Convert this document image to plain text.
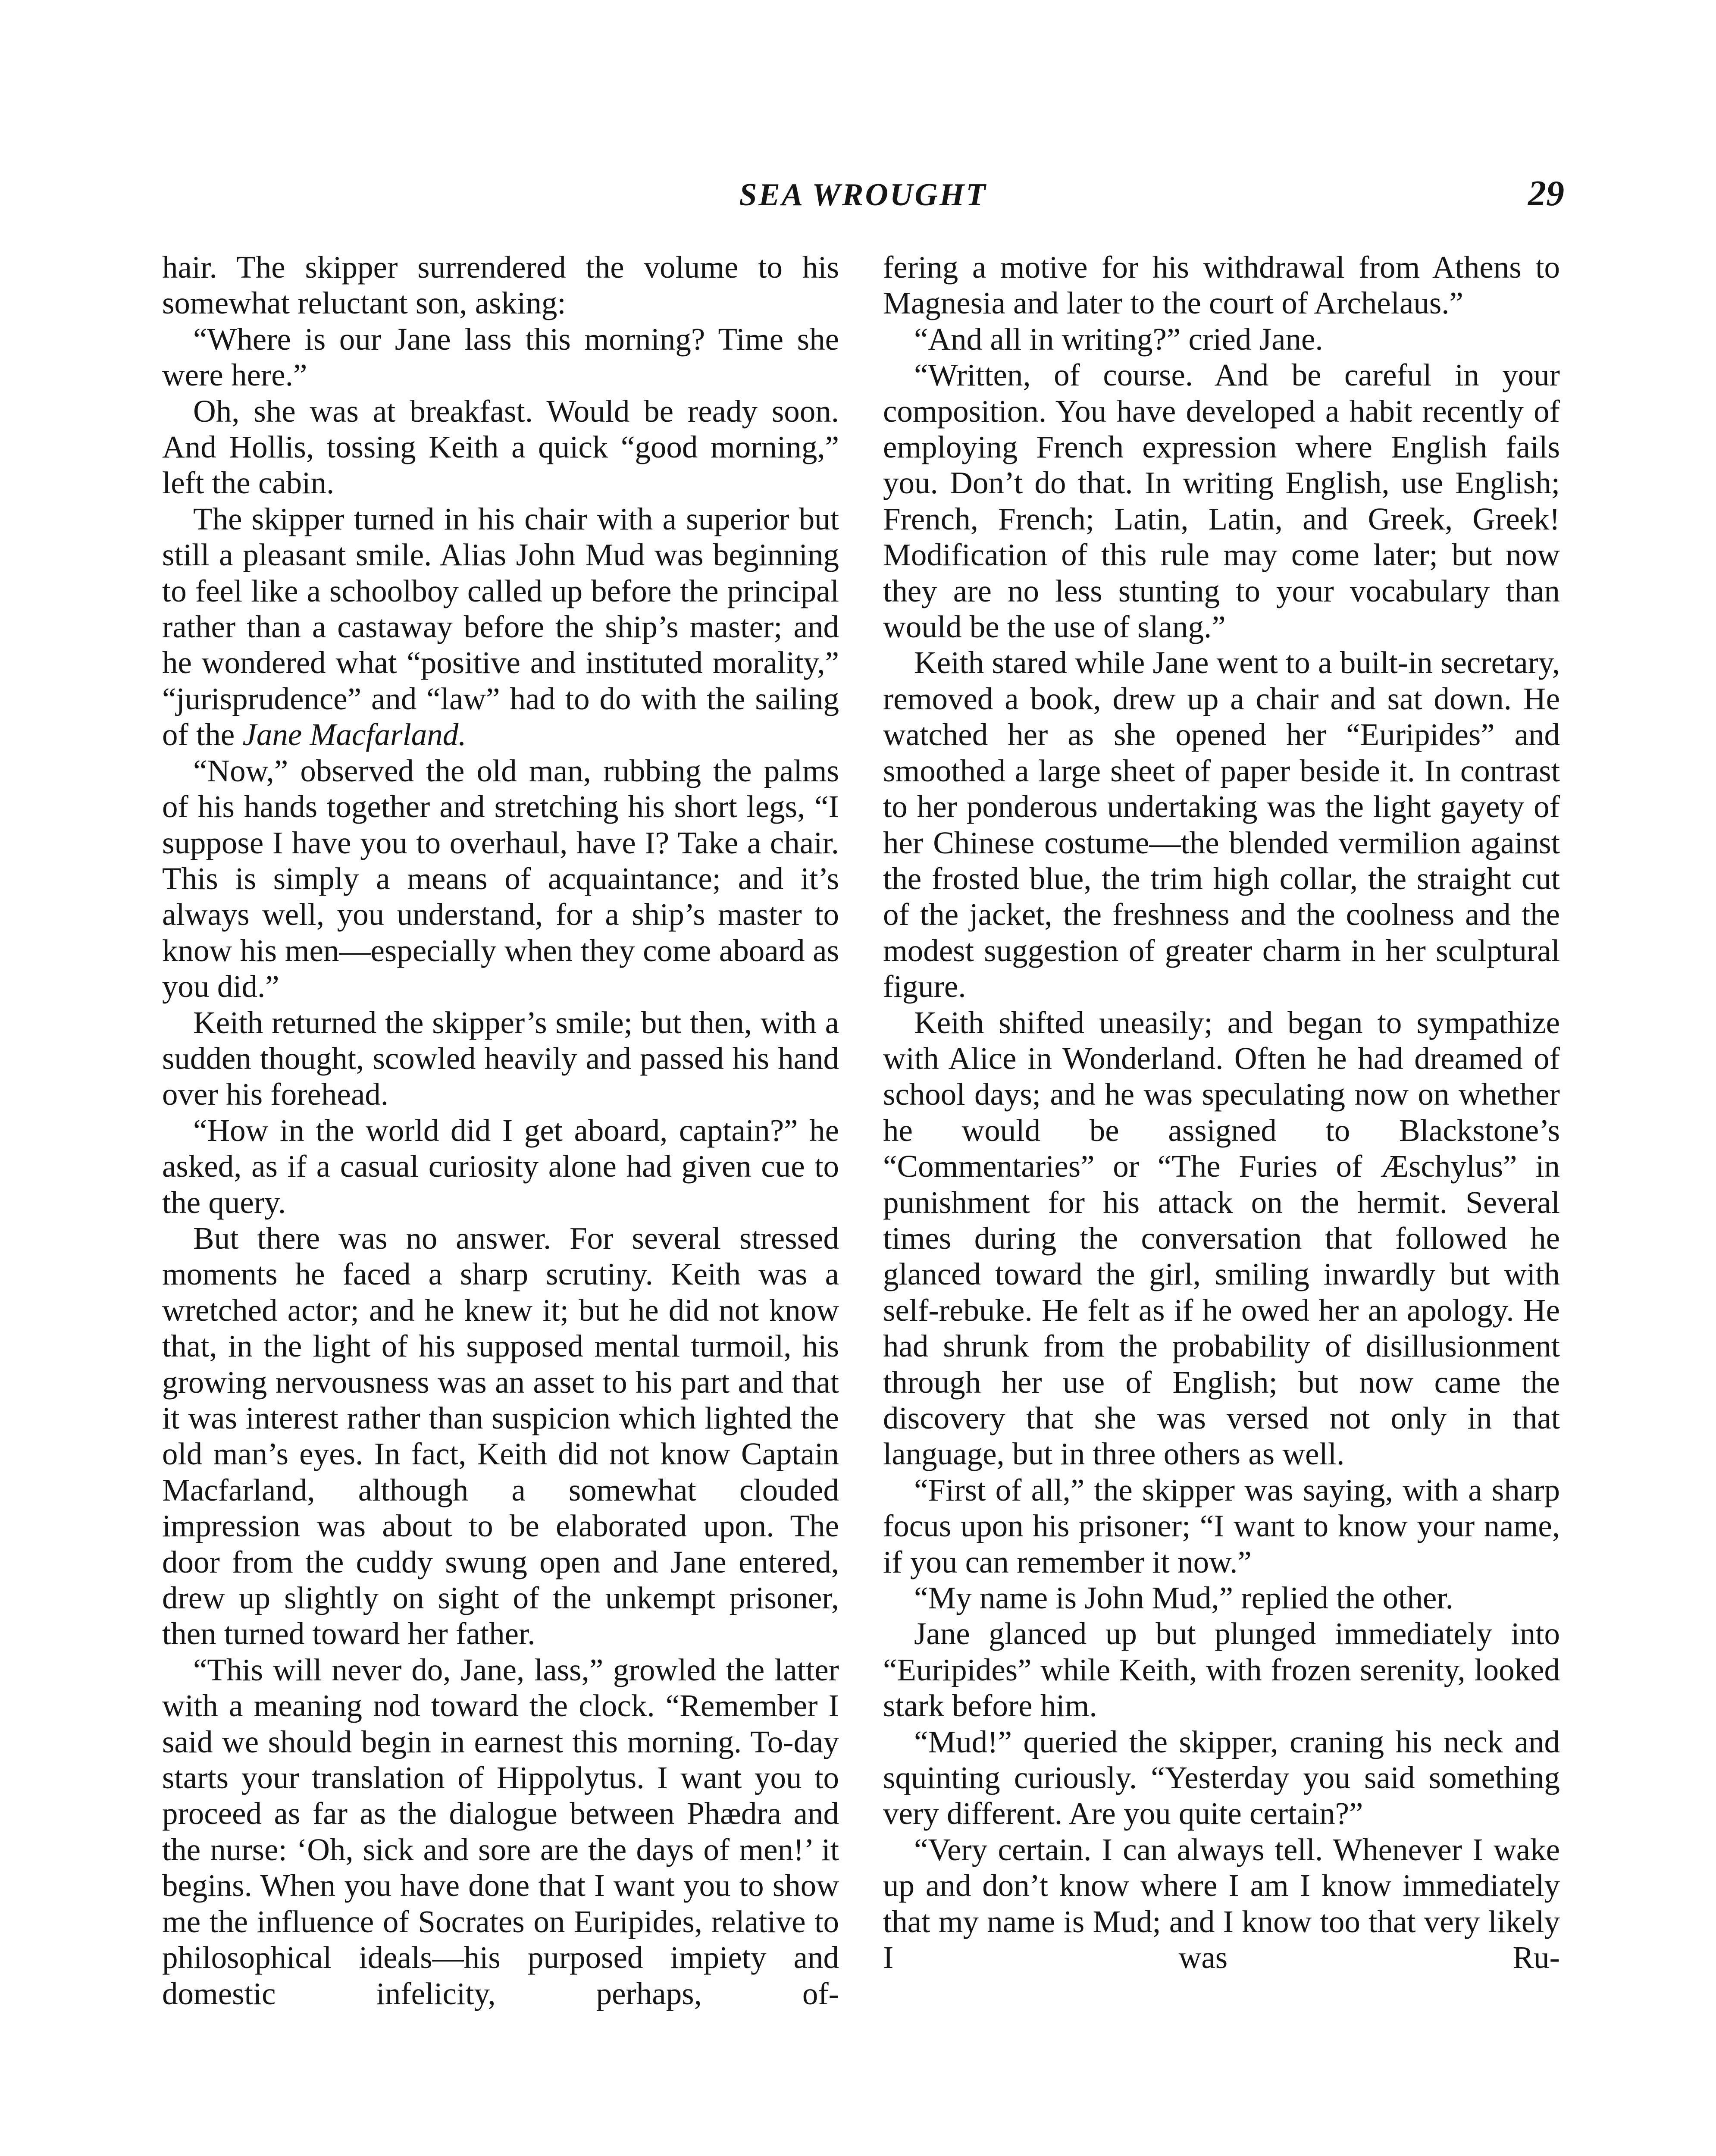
SEA WROUGHT	29

hair. The skipper surrendered the volume to his somewhat reluctant son, asking:

“Where is our Jane lass this morning? Time she were here.”

Oh, she was at breakfast. Would be ready soon. And Hollis, tossing Keith a quick “good morning,” left the cabin.

The skipper turned in his chair with a superior but still a pleasant smile. Alias John Mud was beginning to feel like a schoolboy called up before the principal rather than a castaway before the ship’s master; and he wondered what “positive and instituted morality,” “jurisprudence” and “law” had to do with the sailing of the Jane Macfarland.

“Now,” observed the old man, rubbing the palms of his hands together and stretching his short legs, “I suppose I have you to overhaul, have I? Take a chair. This is simply a means of acquaintance; and it’s always well, you understand, for a ship’s master to know his men—especially when they come aboard as you did.”

Keith returned the skipper’s smile; but then, with a sudden thought, scowled heavily and passed his hand over his forehead.

“How in the world did I get aboard, captain?” he asked, as if a casual curiosity alone had given cue to the query.

But there was no answer. For several stressed moments he faced a sharp scrutiny. Keith was a wretched actor; and he knew it; but he did not know that, in the light of his supposed mental turmoil, his growing nervousness was an asset to his part and that it was interest rather than suspicion which lighted the old man’s eyes. In fact, Keith did not know Captain Macfarland, although a somewhat clouded impression was about to be elaborated upon. The door from the cuddy swung open and Jane entered, drew up slightly on sight of the unkempt prisoner, then turned toward her father.

“This will never do, Jane, lass,” growled the latter with a meaning nod toward the clock. “Remember I said we should begin in earnest this morning. To-day starts your translation of Hippolytus. I want you to proceed as far as the dialogue between Phædra and the nurse: ‘Oh, sick and sore are the days of men!’ it begins. When you have done that I want you to show me the influence of Socrates on Euripides, relative to philosophical ideals—his purposed impiety and domestic infelicity, perhaps, of-

fering a motive for his withdrawal from Athens to Magnesia and later to the court of Archelaus.”

“And all in writing?” cried Jane.

“Written, of course. And be careful in your composition. You have developed a habit recently of employing French expression where English fails you. Don’t do that. In writing English, use English; French, French; Latin, Latin, and Greek, Greek! Modification of this rule may come later; but now they are no less stunting to your vocabulary than would be the use of slang.”

Keith stared while Jane went to a built-in secretary, removed a book, drew up a chair and sat down. He watched her as she opened her “Euripides” and smoothed a large sheet of paper beside it. In contrast to her ponderous undertaking was the light gayety of her Chinese costume—the blended vermilion against the frosted blue, the trim high collar, the straight cut of the jacket, the freshness and the coolness and the modest suggestion of greater charm in her sculptural figure.

Keith shifted uneasily; and began to sympathize with Alice in Wonderland. Often he had dreamed of school days; and he was speculating now on whether he would be assigned to Blackstone’s “Commentaries” or “The Furies of Æschylus” in punishment for his attack on the hermit. Several times during the conversation that followed he glanced toward the girl, smiling inwardly but with self-rebuke. He felt as if he owed her an apology. He had shrunk from the probability of disillusionment through her use of English; but now came the discovery that she was versed not only in that language, but in three others as well.

“First of all,” the skipper was saying, with a sharp focus upon his prisoner; “I want to know your name, if you can remember it now.”

“My name is John Mud,” replied the other.

Jane glanced up but plunged immediately into “Euripides” while Keith, with frozen serenity, looked stark before him.

“Mud!” queried the skipper, craning his neck and squinting curiously. “Yesterday you said something very different. Are you quite certain?”

“Very certain. I can always tell. Whenever I wake up and don’t know where I am I know immediately that my name is Mud; and I know too that very likely I was Ru-
